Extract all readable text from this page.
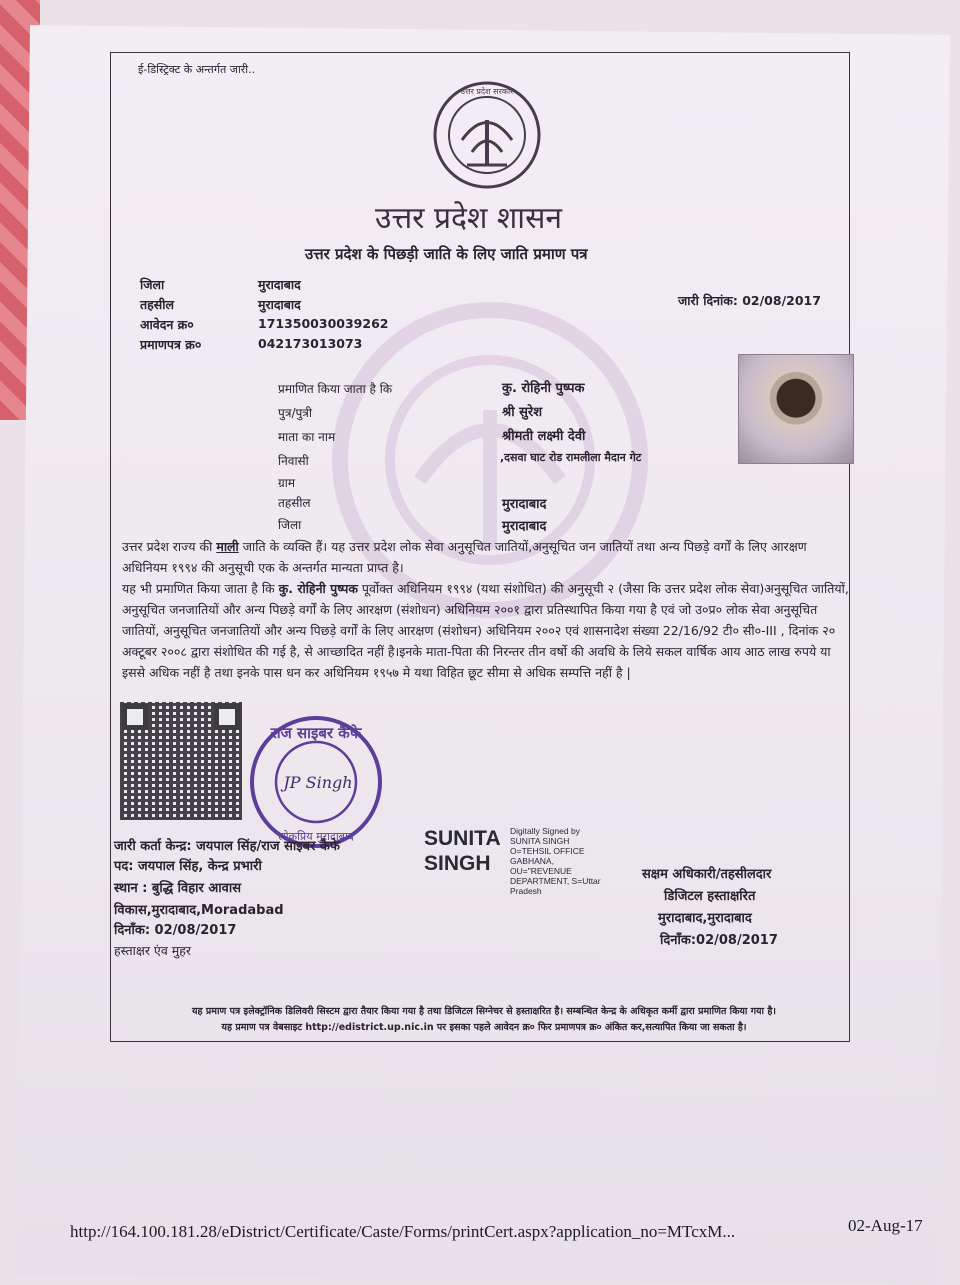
ई-डिस्ट्रिक्ट के अन्तर्गत जारी..
उत्तर प्रदेश सरकार
उत्तर प्रदेश शासन
उत्तर प्रदेश के पिछड़ी जाति के लिए जाति प्रमाण पत्र
जिला	मुरादाबाद
तहसील	मुरादाबाद
आवेदन क्र०	171350030039262
प्रमाणपत्र क्र०	042173013073
जारी दिनांक: 02/08/2017
प्रमाणित किया जाता है कि	कु. रोहिनी पुष्पक
पुत्र/पुत्री	श्री सुरेश
माता का नाम	श्रीमती लक्ष्मी देवी
निवासी	,दसवा घाट रोड रामलीला मैदान गेट
ग्राम
तहसील	मुरादाबाद
जिला	मुरादाबाद
उत्तर प्रदेश राज्य की माली जाति के व्यक्ति हैं। यह उत्तर प्रदेश लोक सेवा अनुसूचित जातियों,अनुसूचित जन जातियों तथा अन्य पिछड़े वर्गों के लिए आरक्षण अधिनियम १९९४ की अनुसूची एक के अन्तर्गत मान्यता प्राप्त है।
यह भी प्रमाणित किया जाता है कि कु. रोहिनी पुष्पक पूर्वोक्त अधिनियम १९९४ (यथा संशोधित) की अनुसूची २ (जैसा कि उत्तर प्रदेश लोक सेवा)अनुसूचित जातियों, अनुसूचित जनजातियों और अन्य पिछड़े वर्गों के लिए आरक्षण (संशोधन) अधिनियम २००१ द्वारा प्रतिस्थापित किया गया है एवं जो उ०प्र० लोक सेवा अनुसूचित जातियों, अनुसूचित जनजातियों और अन्य पिछड़े वर्गों के लिए आरक्षण (संशोधन) अधिनियम २००२ एवं शासनादेश संख्या 22/16/92 टी० सी०-III , दिनांक २० अक्टूबर २००८ द्वारा संशोधित की गई है, से आच्छादित नहीं है।इनके माता-पिता की निरन्तर तीन वर्षो की अवधि के लिये सकल वार्षिक आय आठ लाख रुपये या इससे अधिक नहीं है तथा इनके पास धन कर अधिनियम १९५७ मे यथा विहित छूट सीमा से अधिक सम्पत्ति नहीं है |
राज साइबर कैफे
लोकप्रिय मुरादाबाद
JP Singh
जारी कर्ता केन्द्र: जयपाल सिंह/राज साइबर कैफे
पद: जयपाल सिंह, केन्द्र प्रभारी
स्थान : बुद्धि विहार आवास
विकास,मुरादाबाद,Moradabad
दिनाँक: 02/08/2017
हस्ताक्षर एंव मुहर
SUNITA
SINGH
Digitally Signed by
SUNITA SINGH
O=TEHSIL OFFICE
GABHANA,
OU="REVENUE
DEPARTMENT, S=Uttar
Pradesh
सक्षम अधिकारी/तहसीलदार
डिजिटल हस्ताक्षरित
मुरादाबाद,मुरादाबाद
दिनाँक:02/08/2017
यह प्रमाण पत्र इलेक्ट्रॉनिक डिलिवरी सिस्टम द्वारा तैयार किया गया है तथा डिजिटल सिग्नेचर से हस्ताक्षरित है। सम्बन्धित केन्द्र के अधिकृत कर्मी द्वारा प्रमाणित किया गया है।
यह प्रमाण पत्र वेबसाइट http://edistrict.up.nic.in पर इसका पहले आवेदन क्र० फिर प्रमाणपत्र क्र० अंकित कर,सत्यापित किया जा सकता है।
http://164.100.181.28/eDistrict/Certificate/Caste/Forms/printCert.aspx?application_no=MTcxM...	02-Aug-17
